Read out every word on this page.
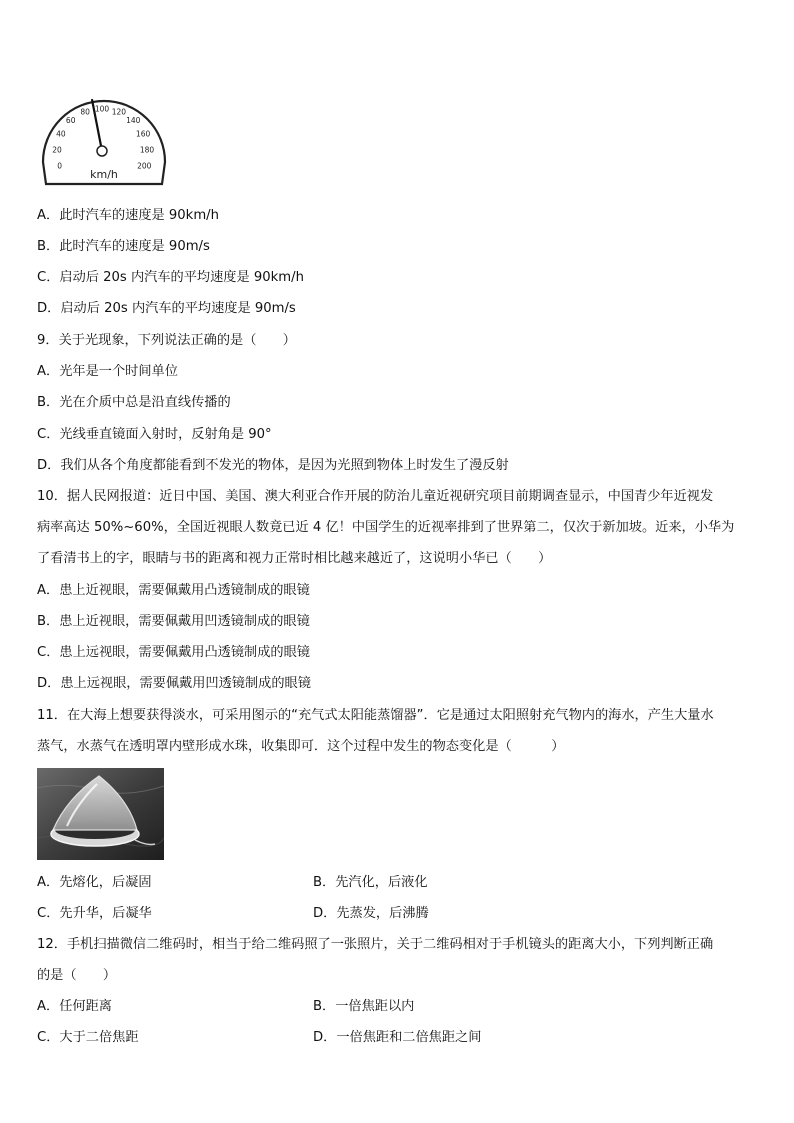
0
20
40
60
80 100 120
140
160
180
200
km/h
A．此时汽车的速度是 90km/h
B．此时汽车的速度是 90m/s
C．启动后 20s 内汽车的平均速度是 90km/h
D．启动后 20s 内汽车的平均速度是 90m/s
9．关于光现象，下列说法正确的是（　　）
A．光年是一个时间单位
B．光在介质中总是沿直线传播的
C．光线垂直镜面入射时，反射角是 90°
D．我们从各个角度都能看到不发光的物体，是因为光照到物体上时发生了漫反射
10．据人民网报道：近日中国、美国、澳大利亚合作开展的防治儿童近视研究项目前期调查显示，中国青少年近视发
病率高达 50%~60%，全国近视眼人数竟已近 4 亿！中国学生的近视率排到了世界第二，仅次于新加坡。近来，小华为
了看清书上的字，眼睛与书的距离和视力正常时相比越来越近了，这说明小华已（　　）
A．患上近视眼，需要佩戴用凸透镜制成的眼镜
B．患上近视眼，需要佩戴用凹透镜制成的眼镜
C．患上远视眼，需要佩戴用凸透镜制成的眼镜
D．患上远视眼，需要佩戴用凹透镜制成的眼镜
11．在大海上想要获得淡水，可采用图示的“充气式太阳能蒸馏器”．它是通过太阳照射充气物内的海水，产生大量水
蒸气，水蒸气在透明罩内壁形成水珠，收集即可．这个过程中发生的物态变化是（　　　）
A．先熔化，后凝固	B．先汽化，后液化
C．先升华，后凝华	D．先蒸发，后沸腾
12．手机扫描微信二维码时，相当于给二维码照了一张照片，关于二维码相对于手机镜头的距离大小，下列判断正确
的是（　　）
A．任何距离	B．一倍焦距以内
C．大于二倍焦距	D．一倍焦距和二倍焦距之间
